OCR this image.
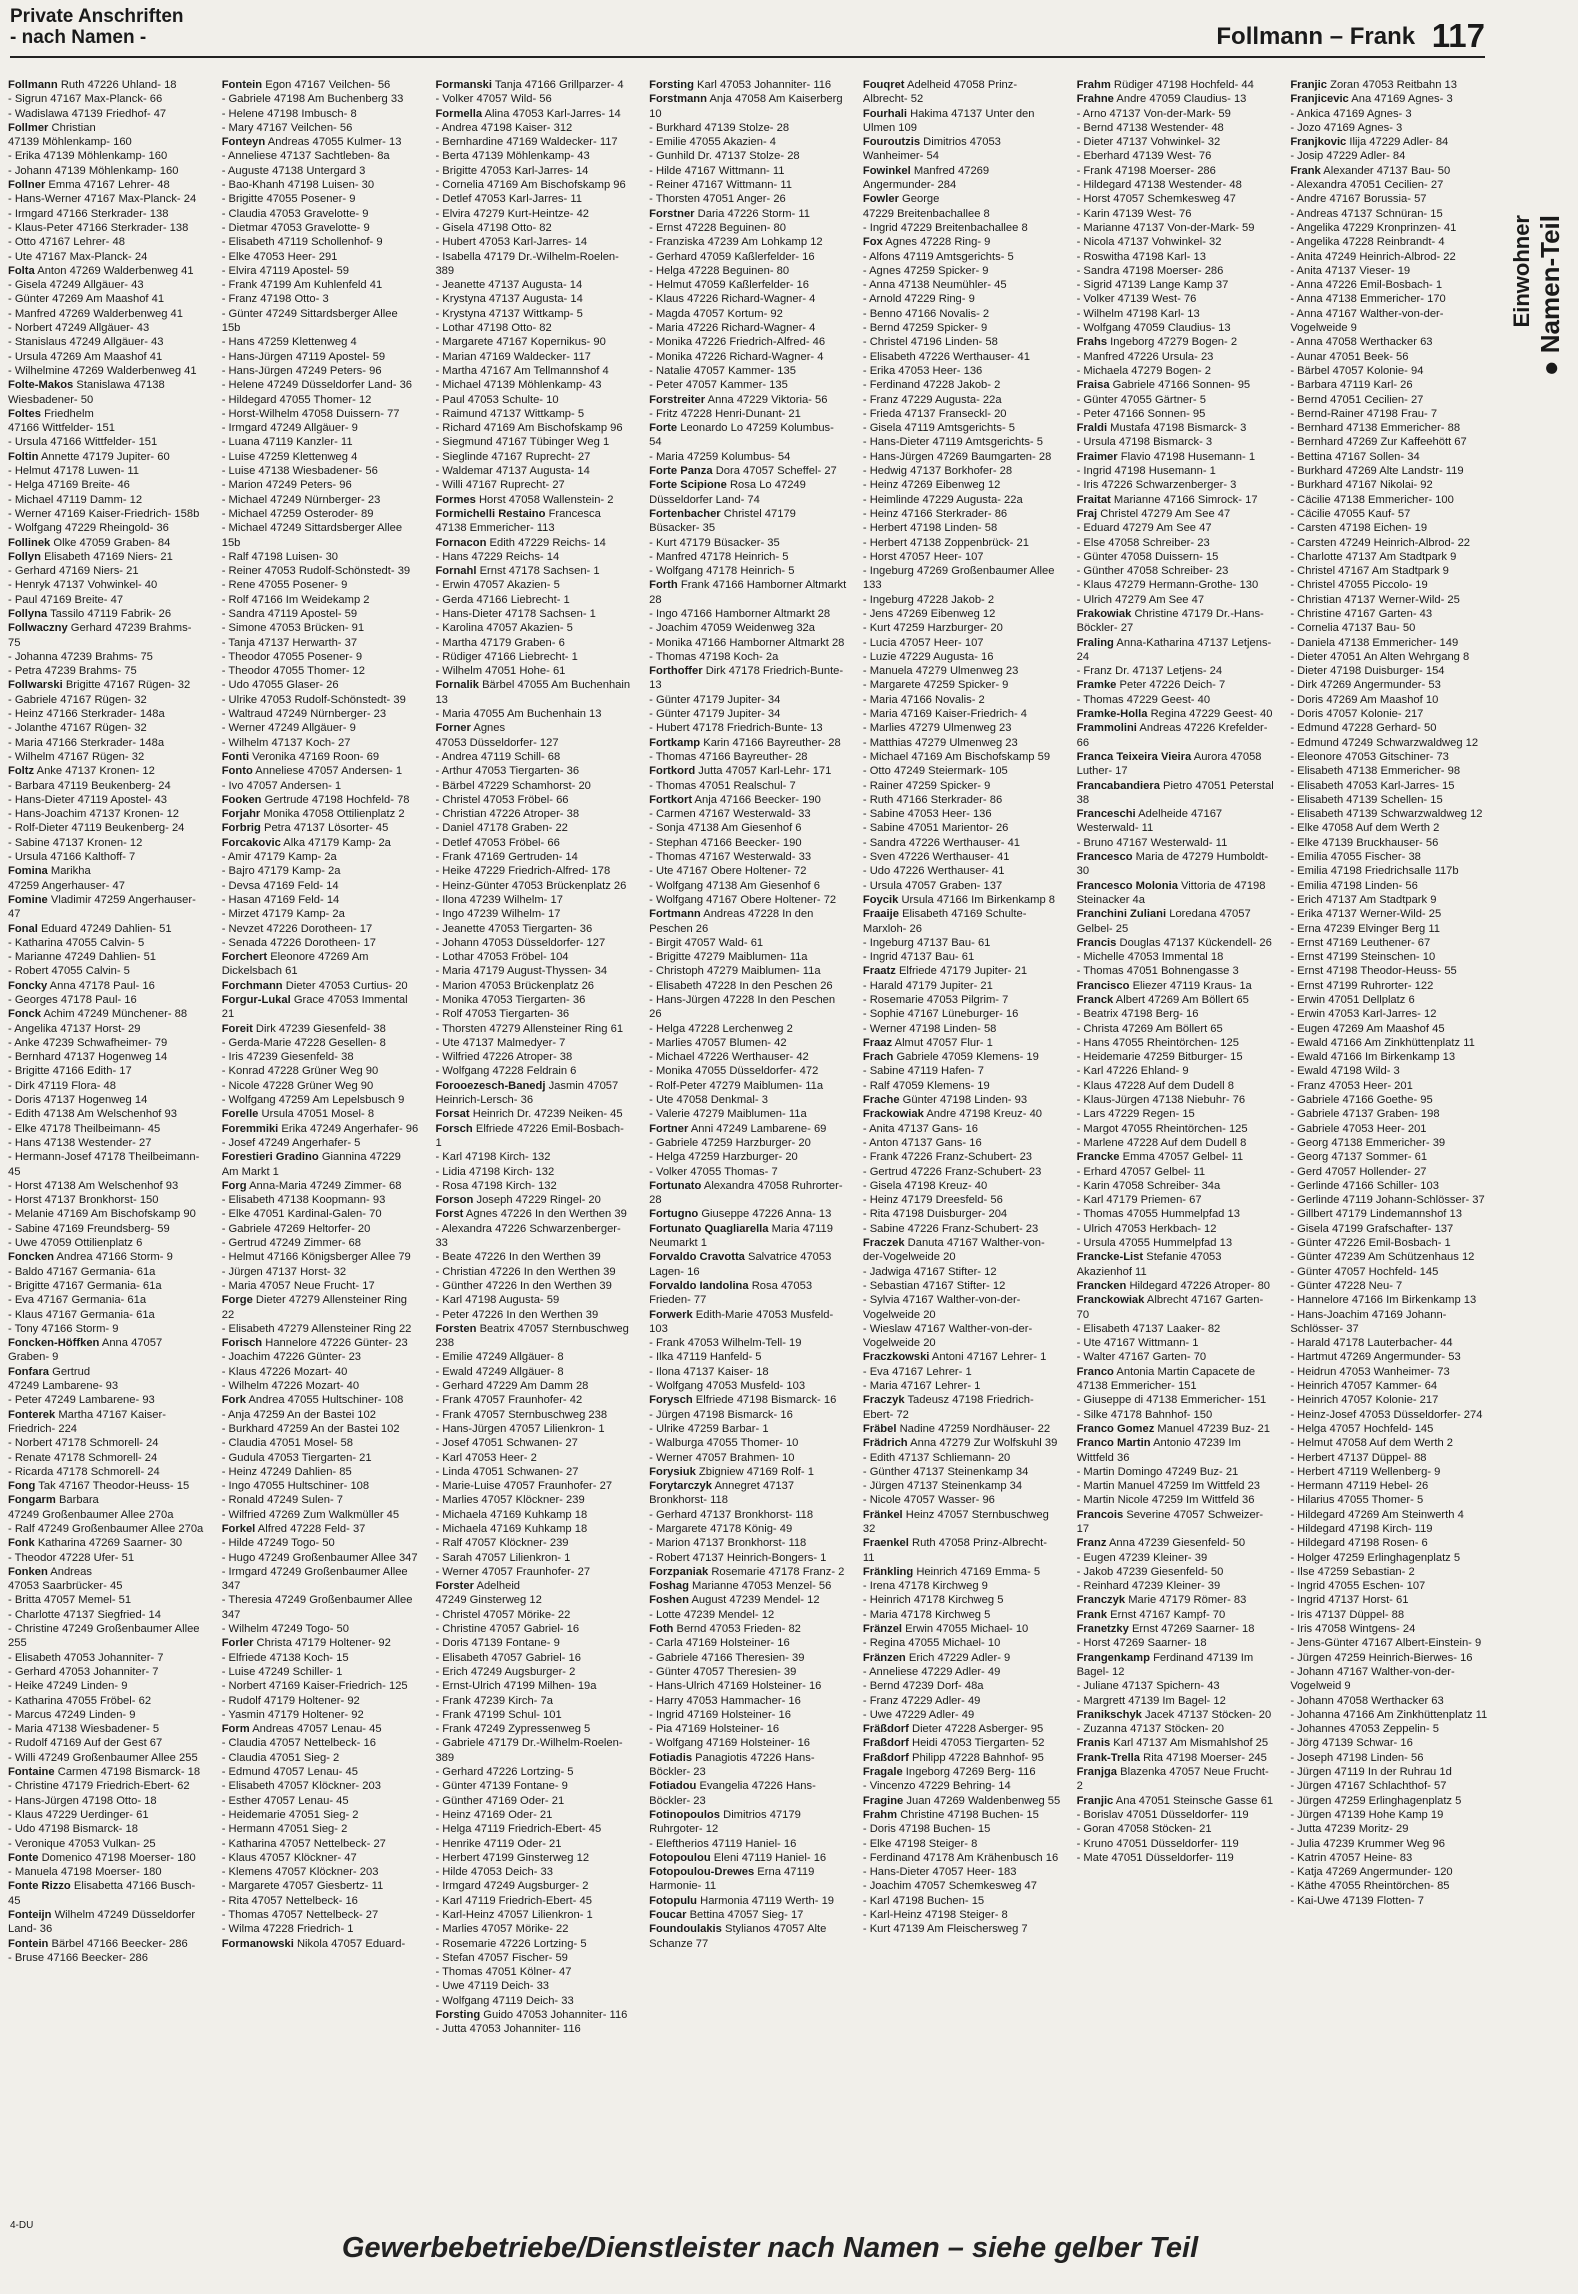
Private Anschriften
- nach Namen -	Follmann – Frank 117
Einwohner
● Namen-Teil
Follmann Ruth 47226 Uhland- 18
- Sigrun 47167 Max-Planck- 66
- Wadislawa 47139 Friedhof- 47
Follmer Christian
47139 Möhlenkamp- 160
- Erika 47139 Möhlenkamp- 160
- Johann 47139 Möhlenkamp- 160
Follner Emma 47167 Lehrer- 48
- Hans-Werner 47167 Max-Planck- 24
- Irmgard 47166 Sterkrader- 138
- Klaus-Peter 47166 Sterkrader- 138
- Otto 47167 Lehrer- 48
- Ute 47167 Max-Planck- 24
Folta Anton 47269 Walderbenweg 41
- Gisela 47249 Allgäuer- 43
- Günter 47269 Am Maashof 41
- Manfred 47269 Walderbenweg 41
- Norbert 47249 Allgäuer- 43
- Stanislaus 47249 Allgäuer- 43
- Ursula 47269 Am Maashof 41
- Wilhelmine 47269 Walderbenweg 41
Folte-Makos Stanislawa 47138 Wiesbadener- 50
Foltes Friedhelm
47166 Wittfelder- 151
- Ursula 47166 Wittfelder- 151
Foltin Annette 47179 Jupiter- 60
- Helmut 47178 Luwen- 11
- Helga 47169 Breite- 46
- Michael 47119 Damm- 12
- Werner 47169 Kaiser-Friedrich- 158b
- Wolfgang 47229 Rheingold- 36
Follinek Olke 47059 Graben- 84
Follyn Elisabeth 47169 Niers- 21
- Gerhard 47169 Niers- 21
- Henryk 47137 Vohwinkel- 40
- Paul 47169 Breite- 47
Follyna Tassilo 47119 Fabrik- 26
Follwaczny Gerhard 47239 Brahms- 75
- Johanna 47239 Brahms- 75
- Petra 47239 Brahms- 75
Follwarski Brigitte 47167 Rügen- 32
- Gabriele 47167 Rügen- 32
- Heinz 47166 Sterkrader- 148a
- Jolanthe 47167 Rügen- 32
- Maria 47166 Sterkrader- 148a
- Wilhelm 47167 Rügen- 32
Foltz Anke 47137 Kronen- 12
- Barbara 47119 Beukenberg- 24
- Hans-Dieter 47119 Apostel- 43
- Hans-Joachim 47137 Kronen- 12
- Rolf-Dieter 47119 Beukenberg- 24
- Sabine 47137 Kronen- 12
- Ursula 47166 Kalthoff- 7
Fomina Marikha
47259 Angerhauser- 47
Fomine Vladimir 47259 Angerhauser- 47
Fonal Eduard 47249 Dahlien- 51
- Katharina 47055 Calvin- 5
- Marianne 47249 Dahlien- 51
- Robert 47055 Calvin- 5
Foncky Anna 47178 Paul- 16
- Georges 47178 Paul- 16
Fonck Achim 47249 Münchener- 88
- Angelika 47137 Horst- 29
- Anke 47239 Schwafheimer- 79
- Bernhard 47137 Hogenweg 14
- Brigitte 47166 Edith- 17
- Dirk 47119 Flora- 48
- Doris 47137 Hogenweg 14
- Edith 47138 Am Welschenhof 93
- Elke 47178 Theilbeimann- 45
- Hans 47138 Westender- 27
- Hermann-Josef 47178 Theilbeimann- 45
- Horst 47138 Am Welschenhof 93
- Horst 47137 Bronkhorst- 150
- Melanie 47169 Am Bischofskamp 90
- Sabine 47169 Freundsberg- 59
- Uwe 47059 Ottilienplatz 6
Foncken Andrea 47166 Storm- 9
- Baldo 47167 Germania- 61a
- Brigitte 47167 Germania- 61a
- Eva 47167 Germania- 61a
- Klaus 47167 Germania- 61a
- Tony 47166 Storm- 9
Foncken-Höffken Anna 47057 Graben- 9
Fonfara Gertrud
47249 Lambarene- 93
- Peter 47249 Lambarene- 93
Fonterek Martha 47167 Kaiser-Friedrich- 224
- Norbert 47178 Schmorell- 24
- Renate 47178 Schmorell- 24
- Ricarda 47178 Schmorell- 24
Fong Tak 47167 Theodor-Heuss- 15
Fongarm Barbara
47249 Großenbaumer Allee 270a
- Ralf 47249 Großenbaumer Allee 270a
Fonk Katharina 47269 Saarner- 30
- Theodor 47228 Ufer- 51
Fonken Andreas
47053 Saarbrücker- 45
- Britta 47057 Memel- 51
- Charlotte 47137 Siegfried- 14
- Christine 47249 Großenbaumer Allee 255
- Elisabeth 47053 Johanniter- 7
- Gerhard 47053 Johanniter- 7
- Heike 47249 Linden- 9
- Katharina 47055 Fröbel- 62
- Marcus 47249 Linden- 9
- Maria 47138 Wiesbadener- 5
- Rudolf 47169 Auf der Gest 67
- Willi 47249 Großenbaumer Allee 255
Fontaine Carmen 47198 Bismarck- 18
- Christine 47179 Friedrich-Ebert- 62
- Hans-Jürgen 47198 Otto- 18
- Klaus 47229 Uerdinger- 61
- Udo 47198 Bismarck- 18
- Veronique 47053 Vulkan- 25
Fonte Domenico 47198 Moerser- 180
- Manuela 47198 Moerser- 180
Fonte Rizzo Elisabetta 47166 Busch- 45
Fonteijn Wilhelm 47249 Düsseldorfer Land- 36
Fontein Bärbel 47166 Beecker- 286
- Bruse 47166 Beecker- 286
Fontein Egon 47167 Veilchen- 56
- Gabriele 47198 Am Buchenberg 33
- Helene 47198 Imbusch- 8
- Mary 47167 Veilchen- 56
Fonteyn Andreas 47055 Kulmer- 13
- Anneliese 47137 Sachtleben- 8a
- Auguste 47138 Untergard 3
- Bao-Khanh 47198 Luisen- 30
- Brigitte 47055 Posener- 9
- Claudia 47053 Gravelotte- 9
- Dietmar 47053 Gravelotte- 9
- Elisabeth 47119 Schollenhof- 9
- Elke 47053 Heer- 291
- Elvira 47119 Apostel- 59
- Frank 47199 Am Kuhlenfeld 41
- Franz 47198 Otto- 3
- Günter 47249 Sittardsberger Allee 15b
- Hans 47259 Klettenweg 4
- Hans-Jürgen 47119 Apostel- 59
- Hans-Jürgen 47249 Peters- 96
- Helene 47249 Düsseldorfer Land- 36
- Hildegard 47055 Thomer- 12
- Horst-Wilhelm 47058 Duissern- 77
- Irmgard 47249 Allgäuer- 9
- Luana 47119 Kanzler- 11
- Luise 47259 Klettenweg 4
- Luise 47138 Wiesbadener- 56
- Marion 47249 Peters- 96
- Michael 47249 Nürnberger- 23
- Michael 47259 Osteroder- 89
- Michael 47249 Sittardsberger Allee 15b
- Ralf 47198 Luisen- 30
- Reiner 47053 Rudolf-Schönstedt- 39
- Rene 47055 Posener- 9
- Rolf 47166 Im Weidekamp 2
- Sandra 47119 Apostel- 59
- Simone 47053 Brücken- 91
- Tanja 47137 Herwarth- 37
- Theodor 47055 Posener- 9
- Theodor 47055 Thomer- 12
- Udo 47055 Glaser- 26
- Ulrike 47053 Rudolf-Schönstedt- 39
- Waltraud 47249 Nürnberger- 23
- Werner 47249 Allgäuer- 9
- Wilhelm 47137 Koch- 27
Fonti Veronika 47169 Roon- 69
Fonto Anneliese 47057 Andersen- 1
- Ivo 47057 Andersen- 1
Fooken Gertrude 47198 Hochfeld- 78
Forjahr Monika 47058 Ottilienplatz 2
Forbrig Petra 47137 Lösorter- 45
Forcakovic Alka 47179 Kamp- 2a
- Amir 47179 Kamp- 2a
- Bajro 47179 Kamp- 2a
- Devsa 47169 Feld- 14
- Hasan 47169 Feld- 14
- Mirzet 47179 Kamp- 2a
- Nevzet 47226 Dorotheen- 17
- Senada 47226 Dorotheen- 17
Forchert Eleonore 47269 Am Dickelsbach 61
Forchmann Dieter 47053 Curtius- 20
Forgur-Lukal Grace 47053 Immental 21
Foreit Dirk 47239 Giesenfeld- 38
- Gerda-Marie 47228 Gesellen- 8
- Iris 47239 Giesenfeld- 38
- Konrad 47228 Grüner Weg 90
- Nicole 47228 Grüner Weg 90
- Wolfgang 47259 Am Lepelsbusch 9
Forelle Ursula 47051 Mosel- 8
Foremmiki Erika 47249 Angerhafer- 96
- Josef 47249 Angerhafer- 5
Forestieri Gradino Giannina 47229 Am Markt 1
Forg Anna-Maria 47249 Zimmer- 68
- Elisabeth 47138 Koopmann- 93
- Elke 47051 Kardinal-Galen- 70
- Gabriele 47269 Heltorfer- 20
- Gertrud 47249 Zimmer- 68
- Helmut 47166 Königsberger Allee 79
- Jürgen 47137 Horst- 32
- Maria 47057 Neue Frucht- 17
Forge Dieter 47279 Allensteiner Ring 22
- Elisabeth 47279 Allensteiner Ring 22
Forisch Hannelore 47226 Günter- 23
- Joachim 47226 Günter- 23
- Klaus 47226 Mozart- 40
- Wilhelm 47226 Mozart- 40
Fork Andrea 47055 Hultschiner- 108
- Anja 47259 An der Bastei 102
- Burkhard 47259 An der Bastei 102
- Claudia 47051 Mosel- 58
- Gudula 47053 Tiergarten- 21
- Heinz 47249 Dahlien- 85
- Ingo 47055 Hultschiner- 108
- Ronald 47249 Sulen- 7
- Wilfried 47269 Zum Walkmüller 45
Forkel Alfred 47228 Feld- 37
- Hilde 47249 Togo- 50
- Hugo 47249 Großenbaumer Allee 347
- Irmgard 47249 Großenbaumer Allee 347
- Theresia 47249 Großenbaumer Allee 347
- Wilhelm 47249 Togo- 50
Forler Christa 47179 Holtener- 92
- Elfriede 47138 Koch- 15
- Luise 47249 Schiller- 1
- Norbert 47169 Kaiser-Friedrich- 125
- Rudolf 47179 Holtener- 92
- Yasmin 47179 Holtener- 92
Form Andreas 47057 Lenau- 45
- Claudia 47057 Nettelbeck- 16
- Claudia 47051 Sieg- 2
- Edmund 47057 Lenau- 45
- Elisabeth 47057 Klöckner- 203
- Esther 47057 Lenau- 45
- Heidemarie 47051 Sieg- 2
- Hermann 47051 Sieg- 2
- Katharina 47057 Nettelbeck- 27
- Klaus 47057 Klöckner- 47
- Klemens 47057 Klöckner- 203
- Margarete 47057 Giesbertz- 11
- Rita 47057 Nettelbeck- 16
- Thomas 47057 Nettelbeck- 27
- Wilma 47228 Friedrich- 1
Formanowski Nikola 47057 Eduard-
Formanski Tanja 47166 Grillparzer- 4
- Volker 47057 Wild- 56
Formella Alina 47053 Karl-Jarres- 14
- Andrea 47198 Kaiser- 312
- Bernhardine 47169 Waldecker- 117
- Berta 47139 Möhlenkamp- 43
- Brigitte 47053 Karl-Jarres- 14
- Cornelia 47169 Am Bischofskamp 96
- Detlef 47053 Karl-Jarres- 11
- Elvira 47279 Kurt-Heintze- 42
- Gisela 47198 Otto- 82
- Hubert 47053 Karl-Jarres- 14
- Isabella 47179 Dr.-Wilhelm-Roelen- 389
- Jeanette 47137 Augusta- 14
- Krystyna 47137 Augusta- 14
- Krystyna 47137 Wittkamp- 5
- Lothar 47198 Otto- 82
- Margarete 47167 Kopernikus- 90
- Marian 47169 Waldecker- 117
- Martha 47167 Am Tellmannshof 4
- Michael 47139 Möhlenkamp- 43
- Paul 47053 Schulte- 10
- Raimund 47137 Wittkamp- 5
- Richard 47169 Am Bischofskamp 96
- Siegmund 47167 Tübinger Weg 1
- Sieglinde 47167 Ruprecht- 27
- Waldemar 47137 Augusta- 14
- Willi 47167 Ruprecht- 27
Formes Horst 47058 Wallenstein- 2
Formichelli Restaino Francesca 47138 Emmericher- 113
Fornacon Edith 47229 Reichs- 14
- Hans 47229 Reichs- 14
Fornahl Ernst 47178 Sachsen- 1
- Erwin 47057 Akazien- 5
- Gerda 47166 Liebrecht- 1
- Hans-Dieter 47178 Sachsen- 1
- Karolina 47057 Akazien- 5
- Martha 47179 Graben- 6
- Rüdiger 47166 Liebrecht- 1
- Wilhelm 47051 Hohe- 61
Fornalik Bärbel 47055 Am Buchenhain 13
- Maria 47055 Am Buchenhain 13
Forner Agnes
47053 Düsseldorfer- 127
- Andrea 47119 Schill- 68
- Arthur 47053 Tiergarten- 36
- Bärbel 47229 Schamhorst- 20
- Christel 47053 Fröbel- 66
- Christian 47226 Atroper- 38
- Daniel 47178 Graben- 22
- Detlef 47053 Fröbel- 66
- Frank 47169 Gertruden- 14
- Heike 47229 Friedrich-Alfred- 178
- Heinz-Günter 47053 Brückenplatz 26
- Ilona 47239 Wilhelm- 17
- Ingo 47239 Wilhelm- 17
- Jeanette 47053 Tiergarten- 36
- Johann 47053 Düsseldorfer- 127
- Lothar 47053 Fröbel- 104
- Maria 47179 August-Thyssen- 34
- Marion 47053 Brückenplatz 26
- Monika 47053 Tiergarten- 36
- Rolf 47053 Tiergarten- 36
- Thorsten 47279 Allensteiner Ring 61
- Ute 47137 Malmedyer- 7
- Wilfried 47226 Atroper- 38
- Wolfgang 47228 Feldrain 6
Forooezesch-Banedj Jasmin 47057 Heinrich-Lersch- 36
Forsat Heinrich Dr. 47239 Neiken- 45
Forsch Elfriede 47226 Emil-Bosbach- 1
- Karl 47198 Kirch- 132
- Lidia 47198 Kirch- 132
- Rosa 47198 Kirch- 132
Forson Joseph 47229 Ringel- 20
Forst Agnes 47226 In den Werthen 39
- Alexandra 47226 Schwarzenberger- 33
- Beate 47226 In den Werthen 39
- Christian 47226 In den Werthen 39
- Günther 47226 In den Werthen 39
- Karl 47198 Augusta- 59
- Peter 47226 In den Werthen 39
Forsten Beatrix 47057 Sternbuschweg 238
- Emilie 47249 Allgäuer- 8
- Ewald 47249 Allgäuer- 8
- Gerhard 47229 Am Damm 28
- Frank 47057 Fraunhofer- 42
- Frank 47057 Sternbuschweg 238
- Hans-Jürgen 47057 Lilienkron- 1
- Josef 47051 Schwanen- 27
- Karl 47053 Heer- 2
- Linda 47051 Schwanen- 27
- Marie-Luise 47057 Fraunhofer- 27
- Marlies 47057 Klöckner- 239
- Michaela 47169 Kuhkamp 18
- Michaela 47169 Kuhkamp 18
- Ralf 47057 Klöckner- 239
- Sarah 47057 Lilienkron- 1
- Werner 47057 Fraunhofer- 27
Forster Adelheid
47249 Ginsterweg 12
- Christel 47057 Mörike- 22
- Christine 47057 Gabriel- 16
- Doris 47139 Fontane- 9
- Elisabeth 47057 Gabriel- 16
- Erich 47249 Augsburger- 2
- Ernst-Ulrich 47199 Milhen- 19a
- Frank 47239 Kirch- 7a
- Frank 47199 Schul- 101
- Frank 47249 Zypressenweg 5
- Gabriele 47179 Dr.-Wilhelm-Roelen- 389
- Gerhard 47226 Lortzing- 5
- Günter 47139 Fontane- 9
- Günther 47169 Oder- 21
- Heinz 47169 Oder- 21
- Helga 47119 Friedrich-Ebert- 45
- Henrike 47119 Oder- 21
- Herbert 47199 Ginsterweg 12
- Hilde 47053 Deich- 33
- Irmgard 47249 Augsburger- 2
- Karl 47119 Friedrich-Ebert- 45
- Karl-Heinz 47057 Lilienkron- 1
- Marlies 47057 Mörike- 22
- Rosemarie 47226 Lortzing- 5
- Stefan 47057 Fischer- 59
- Thomas 47051 Kölner- 47
- Uwe 47119 Deich- 33
- Wolfgang 47119 Deich- 33
Forsting Guido 47053 Johanniter- 116
- Jutta 47053 Johanniter- 116
Forsting Karl 47053 Johanniter- 116
Forstmann Anja 47058 Am Kaiserberg 10
- Burkhard 47139 Stolze- 28
- Emilie 47055 Akazien- 4
- Gunhild Dr. 47137 Stolze- 28
- Hilde 47167 Wittmann- 11
- Reiner 47167 Wittmann- 11
- Thorsten 47051 Anger- 26
Forstner Daria 47226 Storm- 11
- Ernst 47228 Beguinen- 80
- Franziska 47239 Am Lohkamp 12
- Gerhard 47059 Kaßlerfelder- 16
- Helga 47228 Beguinen- 80
- Helmut 47059 Kaßlerfelder- 16
- Klaus 47226 Richard-Wagner- 4
- Magda 47057 Kortum- 92
- Maria 47226 Richard-Wagner- 4
- Monika 47226 Friedrich-Alfred- 46
- Monika 47226 Richard-Wagner- 4
- Natalie 47057 Kammer- 135
- Peter 47057 Kammer- 135
Forstreiter Anna 47229 Viktoria- 56
- Fritz 47228 Henri-Dunant- 21
Forte Leonardo Lo 47259 Kolumbus- 54
- Maria 47259 Kolumbus- 54
Forte Panza Dora 47057 Scheffel- 27
Forte Scipione Rosa Lo 47249 Düsseldorfer Land- 74
Fortenbacher Christel 47179 Büsacker- 35
- Kurt 47179 Büsacker- 35
- Manfred 47178 Heinrich- 5
- Wolfgang 47178 Heinrich- 5
Forth Frank 47166 Hamborner Altmarkt 28
- Ingo 47166 Hamborner Altmarkt 28
- Joachim 47059 Weidenweg 32a
- Monika 47166 Hamborner Altmarkt 28
- Thomas 47198 Koch- 2a
Forthoffer Dirk 47178 Friedrich-Bunte- 13
- Günter 47179 Jupiter- 34
- Günter 47179 Jupiter- 34
- Hubert 47178 Friedrich-Bunte- 13
Fortkamp Karin 47166 Bayreuther- 28
- Thomas 47166 Bayreuther- 28
Fortkord Jutta 47057 Karl-Lehr- 171
- Thomas 47051 Realschul- 7
Fortkort Anja 47166 Beecker- 190
- Carmen 47167 Westerwald- 33
- Sonja 47138 Am Giesenhof 6
- Stephan 47166 Beecker- 190
- Thomas 47167 Westerwald- 33
- Ute 47167 Obere Holtener- 72
- Wolfgang 47138 Am Giesenhof 6
- Wolfgang 47167 Obere Holtener- 72
Fortmann Andreas 47228 In den Peschen 26
- Birgit 47057 Wald- 61
- Brigitte 47279 Maiblumen- 11a
- Christoph 47279 Maiblumen- 11a
- Elisabeth 47228 In den Peschen 26
- Hans-Jürgen 47228 In den Peschen 26
- Helga 47228 Lerchenweg 2
- Marlies 47057 Blumen- 42
- Michael 47226 Werthauser- 42
- Monika 47055 Düsseldorfer- 472
- Rolf-Peter 47279 Maiblumen- 11a
- Ute 47058 Denkmal- 3
- Valerie 47279 Maiblumen- 11a
Fortner Anni 47249 Lambarene- 69
- Gabriele 47259 Harzburger- 20
- Helga 47259 Harzburger- 20
- Volker 47055 Thomas- 7
Fortunato Alexandra 47058 Ruhrorter- 28
Fortugno Giuseppe 47226 Anna- 13
Fortunato Quagliarella Maria 47119 Neumarkt 1
Forvaldo Cravotta Salvatrice 47053 Lagen- 16
Forvaldo Iandolina Rosa 47053 Frieden- 77
Forwerk Edith-Marie 47053 Musfeld- 103
- Frank 47053 Wilhelm-Tell- 19
- Ilka 47119 Hanfeld- 5
- Ilona 47137 Kaiser- 18
- Wolfgang 47053 Musfeld- 103
Forysch Elfriede 47198 Bismarck- 16
- Jürgen 47198 Bismarck- 16
- Ulrike 47259 Barbar- 1
- Walburga 47055 Thomer- 10
- Werner 47057 Brahmen- 10
Forysiuk Zbigniew 47169 Rolf- 1
Forytarczyk Annegret 47137 Bronkhorst- 118
- Gerhard 47137 Bronkhorst- 118
- Margarete 47178 König- 49
- Marion 47137 Bronkhorst- 118
- Robert 47137 Heinrich-Bongers- 1
Forzpaniak Rosemarie 47178 Franz- 2
Foshag Marianne 47053 Menzel- 56
Foshen August 47239 Mendel- 12
- Lotte 47239 Mendel- 12
Foth Bernd 47053 Frieden- 82
- Carla 47169 Holsteiner- 16
- Gabriele 47166 Theresien- 39
- Günter 47057 Theresien- 39
- Hans-Ulrich 47169 Holsteiner- 16
- Harry 47053 Hammacher- 16
- Ingrid 47169 Holsteiner- 16
- Pia 47169 Holsteiner- 16
- Wolfgang 47169 Holsteiner- 16
Fotiadis Panagiotis 47226 Hans-Böckler- 23
Fotiadou Evangelia 47226 Hans-Böckler- 23
Fotinopoulos Dimitrios 47179 Ruhrgoter- 12
- Eleftherios 47119 Haniel- 16
Fotopoulou Eleni 47119 Haniel- 16
Fotopoulou-Drewes Erna 47119 Harmonie- 11
Fotopulu Harmonia 47119 Werth- 19
Foucar Bettina 47057 Sieg- 17
Foundoulakis Stylianos 47057 Alte Schanze 77
Fouqret Adelheid 47058 Prinz-Albrecht- 52
Fourhali Hakima 47137 Unter den Ulmen 109
Fouroutzis Dimitrios 47053 Wanheimer- 54
Fowinkel Manfred 47269 Angermunder- 284
Fowler George
47229 Breitenbachallee 8
- Ingrid 47229 Breitenbachallee 8
Fox Agnes 47228 Ring- 9
- Alfons 47119 Amtsgerichts- 5
- Agnes 47259 Spicker- 9
- Anna 47138 Neumühler- 45
- Arnold 47229 Ring- 9
- Benno 47166 Novalis- 2
- Bernd 47259 Spicker- 9
- Christel 47196 Linden- 58
- Elisabeth 47226 Werthauser- 41
- Erika 47053 Heer- 136
- Ferdinand 47228 Jakob- 2
- Franz 47229 Augusta- 22a
- Frieda 47137 Franseckl- 20
- Gisela 47119 Amtsgerichts- 5
- Hans-Dieter 47119 Amtsgerichts- 5
- Hans-Jürgen 47269 Baumgarten- 28
- Hedwig 47137 Borkhofer- 28
- Heinz 47269 Eibenweg 12
- Heimlinde 47229 Augusta- 22a
- Heinz 47166 Sterkrader- 86
- Herbert 47198 Linden- 58
- Herbert 47138 Zoppenbrück- 21
- Horst 47057 Heer- 107
- Ingeburg 47269 Großenbaumer Allee 133
- Ingeburg 47228 Jakob- 2
- Jens 47269 Eibenweg 12
- Kurt 47259 Harzburger- 20
- Lucia 47057 Heer- 107
- Luzie 47229 Augusta- 16
- Manuela 47279 Ulmenweg 23
- Margarete 47259 Spicker- 9
- Maria 47166 Novalis- 2
- Maria 47169 Kaiser-Friedrich- 4
- Marlies 47279 Ulmenweg 23
- Matthias 47279 Ulmenweg 23
- Michael 47169 Am Bischofskamp 59
- Otto 47249 Steiermark- 105
- Rainer 47259 Spicker- 9
- Ruth 47166 Sterkrader- 86
- Sabine 47053 Heer- 136
- Sabine 47051 Marientor- 26
- Sandra 47226 Werthauser- 41
- Sven 47226 Werthauser- 41
- Udo 47226 Werthauser- 41
- Ursula 47057 Graben- 137
Foycik Ursula 47166 Im Birkenkamp 8
Fraaije Elisabeth 47169 Schulte-Marxloh- 26
- Ingeburg 47137 Bau- 61
- Ingrid 47137 Bau- 61
Fraatz Elfriede 47179 Jupiter- 21
- Harald 47179 Jupiter- 21
- Rosemarie 47053 Pilgrim- 7
- Sophie 47167 Lüneburger- 16
- Werner 47198 Linden- 58
Fraaz Almut 47057 Flur- 1
Frach Gabriele 47059 Klemens- 19
- Sabine 47119 Hafen- 7
- Ralf 47059 Klemens- 19
Frache Günter 47198 Linden- 93
Frackowiak Andre 47198 Kreuz- 40
- Anita 47137 Gans- 16
- Anton 47137 Gans- 16
- Frank 47226 Franz-Schubert- 23
- Gertrud 47226 Franz-Schubert- 23
- Gisela 47198 Kreuz- 40
- Heinz 47179 Dreesfeld- 56
- Rita 47198 Duisburger- 204
- Sabine 47226 Franz-Schubert- 23
Fraczek Danuta 47167 Walther-von-der-Vogelweide 20
- Jadwiga 47167 Stifter- 12
- Sebastian 47167 Stifter- 12
- Sylvia 47167 Walther-von-der-Vogelweide 20
- Wieslaw 47167 Walther-von-der-Vogelweide 20
Fraczkowski Antoni 47167 Lehrer- 1
- Eva 47167 Lehrer- 1
- Maria 47167 Lehrer- 1
Fraczyk Tadeusz 47198 Friedrich-Ebert- 72
Fräbel Nadine 47259 Nordhäuser- 22
Frädrich Anna 47279 Zur Wolfskuhl 39
- Edith 47137 Schliemann- 20
- Günther 47137 Steinenkamp 34
- Jürgen 47137 Steinenkamp 34
- Nicole 47057 Wasser- 96
Fränkel Heinz 47057 Sternbuschweg 32
Fraenkel Ruth 47058 Prinz-Albrecht- 11
Fränkling Heinrich 47169 Emma- 5
- Irena 47178 Kirchweg 9
- Heinrich 47178 Kirchweg 5
- Maria 47178 Kirchweg 5
Fränzel Erwin 47055 Michael- 10
- Regina 47055 Michael- 10
Fränzen Erich 47229 Adler- 9
- Anneliese 47229 Adler- 49
- Bernd 47239 Dorf- 48a
- Franz 47229 Adler- 49
- Uwe 47229 Adler- 49
Fräßdorf Dieter 47228 Asberger- 95
Fraßdorf Heidi 47053 Tiergarten- 52
Fraßdorf Philipp 47228 Bahnhof- 95
Fragale Ingeborg 47269 Berg- 116
- Vincenzo 47229 Behring- 14
Fragine Juan 47269 Waldenbenweg 55
Frahm Christine 47198 Buchen- 15
- Doris 47198 Buchen- 15
- Elke 47198 Steiger- 8
- Ferdinand 47178 Am Krähenbusch 16
- Hans-Dieter 47057 Heer- 183
- Joachim 47057 Schemkesweg 47
- Karl 47198 Buchen- 15
- Karl-Heinz 47198 Steiger- 8
- Kurt 47139 Am Fleischersweg 7
Frahm Rüdiger 47198 Hochfeld- 44
Frahne Andre 47059 Claudius- 13
- Arno 47137 Von-der-Mark- 59
- Bernd 47138 Westender- 48
- Dieter 47137 Vohwinkel- 32
- Eberhard 47139 West- 76
- Frank 47198 Moerser- 286
- Hildegard 47138 Westender- 48
- Horst 47057 Schemkesweg 47
- Karin 47139 West- 76
- Marianne 47137 Von-der-Mark- 59
- Nicola 47137 Vohwinkel- 32
- Roswitha 47198 Karl- 13
- Sandra 47198 Moerser- 286
- Sigrid 47139 Lange Kamp 37
- Volker 47139 West- 76
- Wilhelm 47198 Karl- 13
- Wolfgang 47059 Claudius- 13
Frahs Ingeborg 47279 Bogen- 2
- Manfred 47226 Ursula- 23
- Michaela 47279 Bogen- 2
Fraisa Gabriele 47166 Sonnen- 95
- Günter 47055 Gärtner- 5
- Peter 47166 Sonnen- 95
Fraldi Mustafa 47198 Bismarck- 3
- Ursula 47198 Bismarck- 3
Fraimer Flavio 47198 Husemann- 1
- Ingrid 47198 Husemann- 1
- Iris 47226 Schwarzenberger- 3
Fraitat Marianne 47166 Simrock- 17
Fraj Christel 47279 Am See 47
- Eduard 47279 Am See 47
- Else 47058 Schreiber- 23
- Günter 47058 Duissern- 15
- Günther 47058 Schreiber- 23
- Klaus 47279 Hermann-Grothe- 130
- Ulrich 47279 Am See 47
Frakowiak Christine 47179 Dr.-Hans-Böckler- 27
Fraling Anna-Katharina 47137 Letjens- 24
- Franz Dr. 47137 Letjens- 24
Framke Peter 47226 Deich- 7
- Thomas 47229 Geest- 40
Framke-Holla Regina 47229 Geest- 40
Frammolini Andreas 47226 Krefelder- 66
Franca Teixeira Vieira Aurora 47058 Luther- 17
Francabandiera Pietro 47051 Peterstal 38
Franceschi Adelheide 47167 Westerwald- 11
- Bruno 47167 Westerwald- 11
Francesco Maria de 47279 Humboldt- 30
Francesco Molonia Vittoria de 47198 Steinacker 4a
Franchini Zuliani Loredana 47057 Gelbel- 25
Francis Douglas 47137 Kückendell- 26
- Michelle 47053 Immental 18
- Thomas 47051 Bohnengasse 3
Francisco Eliezer 47119 Kraus- 1a
Franck Albert 47269 Am Böllert 65
- Beatrix 47198 Berg- 16
- Christa 47269 Am Böllert 65
- Hans 47055 Rheintörchen- 125
- Heidemarie 47259 Bitburger- 15
- Karl 47226 Ehland- 9
- Klaus 47228 Auf dem Dudell 8
- Klaus-Jürgen 47138 Niebuhr- 76
- Lars 47229 Regen- 15
- Margot 47055 Rheintörchen- 125
- Marlene 47228 Auf dem Dudell 8
Francke Emma 47057 Gelbel- 11
- Erhard 47057 Gelbel- 11
- Karin 47058 Schreiber- 34a
- Karl 47179 Priemen- 67
- Thomas 47055 Hummelpfad 13
- Ulrich 47053 Herkbach- 12
- Ursula 47055 Hummelpfad 13
Francke-List Stefanie 47053 Akazienhof 11
Francken Hildegard 47226 Atroper- 80
Franckowiak Albrecht 47167 Garten- 70
- Elisabeth 47137 Laaker- 82
- Ute 47167 Wittmann- 1
- Walter 47167 Garten- 70
Franco Antonia Martin Capacete de 47138 Emmericher- 151
- Giuseppe di 47138 Emmericher- 151
- Silke 47178 Bahnhof- 150
Franco Gomez Manuel 47239 Buz- 21
Franco Martin Antonio 47239 Im Wittfeld 36
- Martin Domingo 47249 Buz- 21
- Martin Manuel 47259 Im Wittfeld 23
- Martin Nicole 47259 Im Wittfeld 36
Francois Severine 47057 Schweizer- 17
Franz Anna 47239 Giesenfeld- 50
- Eugen 47239 Kleiner- 39
- Jakob 47239 Giesenfeld- 50
- Reinhard 47239 Kleiner- 39
Franczyk Marie 47179 Römer- 83
Frank Ernst 47167 Kampf- 70
Franetzky Ernst 47269 Saarner- 18
- Horst 47269 Saarner- 18
Frangenkamp Ferdinand 47139 Im Bagel- 12
- Juliane 47137 Spichern- 43
- Margrett 47139 Im Bagel- 12
Franikschyk Jacek 47137 Stöcken- 20
- Zuzanna 47137 Stöcken- 20
Franis Karl 47137 Am Mismahlshof 25
Frank-Trella Rita 47198 Moerser- 245
Franjga Blazenka 47057 Neue Frucht- 2
Franjic Ana 47051 Steinsche Gasse 61
- Borislav 47051 Düsseldorfer- 119
- Goran 47058 Stöcken- 21
- Kruno 47051 Düsseldorfer- 119
- Mate 47051 Düsseldorfer- 119
Franjic Zoran 47053 Reitbahn 13
Franjicevic Ana 47169 Agnes- 3
- Ankica 47169 Agnes- 3
- Jozo 47169 Agnes- 3
Franjkovic Ilija 47229 Adler- 84
- Josip 47229 Adler- 84
Frank Alexander 47137 Bau- 50
- Alexandra 47051 Cecilien- 27
- Andre 47167 Borussia- 57
- Andreas 47137 Schnüran- 15
- Angelika 47229 Kronprinzen- 41
- Angelika 47228 Reinbrandt- 4
- Anita 47249 Heinrich-Albrod- 22
- Anita 47137 Vieser- 19
- Anna 47226 Emil-Bosbach- 1
- Anna 47138 Emmericher- 170
- Anna 47167 Walther-von-der-Vogelweide 9
- Anna 47058 Werthacker 63
- Aunar 47051 Beek- 56
- Bärbel 47057 Kolonie- 94
- Barbara 47119 Karl- 26
- Bernd 47051 Cecilien- 27
- Bernd-Rainer 47198 Frau- 7
- Bernhard 47138 Emmericher- 88
- Bernhard 47269 Zur Kaffeehött 67
- Bettina 47167 Sollen- 34
- Burkhard 47269 Alte Landstr- 119
- Burkhard 47167 Nikolai- 92
- Cäcilie 47138 Emmericher- 100
- Cäcilie 47055 Kauf- 57
- Carsten 47198 Eichen- 19
- Carsten 47249 Heinrich-Albrod- 22
- Charlotte 47137 Am Stadtpark 9
- Christel 47167 Am Stadtpark 9
- Christel 47055 Piccolo- 19
- Christian 47137 Werner-Wild- 25
- Christine 47167 Garten- 43
- Cornelia 47137 Bau- 50
- Daniela 47138 Emmericher- 149
- Dieter 47051 An Alten Wehrgang 8
- Dieter 47198 Duisburger- 154
- Dirk 47269 Angermunder- 53
- Doris 47269 Am Maashof 10
- Doris 47057 Kolonie- 217
- Edmund 47228 Gerhard- 50
- Edmund 47249 Schwarzwaldweg 12
- Eleonore 47053 Gitschiner- 73
- Elisabeth 47138 Emmericher- 98
- Elisabeth 47053 Karl-Jarres- 15
- Elisabeth 47139 Schellen- 15
- Elisabeth 47139 Schwarzwaldweg 12
- Elke 47058 Auf dem Werth 2
- Elke 47139 Bruckhauser- 56
- Emilia 47055 Fischer- 38
- Emilia 47198 Friedrichsalle 117b
- Emilia 47198 Linden- 56
- Erich 47137 Am Stadtpark 9
- Erika 47137 Werner-Wild- 25
- Erna 47239 Elvinger Berg 11
- Ernst 47169 Leuthener- 67
- Ernst 47199 Steinschen- 10
- Ernst 47198 Theodor-Heuss- 55
- Ernst 47199 Ruhrorter- 122
- Erwin 47051 Dellplatz 6
- Erwin 47053 Karl-Jarres- 12
- Eugen 47269 Am Maashof 45
- Ewald 47166 Am Zinkhüttenplatz 11
- Ewald 47166 Im Birkenkamp 13
- Ewald 47198 Wild- 3
- Franz 47053 Heer- 201
- Gabriele 47166 Goethe- 95
- Gabriele 47137 Graben- 198
- Gabriele 47053 Heer- 201
- Georg 47138 Emmericher- 39
- Georg 47137 Sommer- 61
- Gerd 47057 Hollender- 27
- Gerlinde 47166 Schiller- 103
- Gerlinde 47119 Johann-Schlösser- 37
- Gillbert 47179 Lindemannshof 13
- Gisela 47199 Grafschafter- 137
- Günter 47226 Emil-Bosbach- 1
- Günter 47239 Am Schützenhaus 12
- Günter 47057 Hochfeld- 145
- Günter 47228 Neu- 7
- Hannelore 47166 Im Birkenkamp 13
- Hans-Joachim 47169 Johann-Schlösser- 37
- Harald 47178 Lauterbacher- 44
- Hartmut 47269 Angermunder- 53
- Heidrun 47053 Wanheimer- 73
- Heinrich 47057 Kammer- 64
- Heinrich 47057 Kolonie- 217
- Heinz-Josef 47053 Düsseldorfer- 274
- Helga 47057 Hochfeld- 145
- Helmut 47058 Auf dem Werth 2
- Herbert 47137 Düppel- 88
- Herbert 47119 Wellenberg- 9
- Hermann 47119 Hebel- 26
- Hilarius 47055 Thomer- 5
- Hildegard 47269 Am Steinwerth 4
- Hildegard 47198 Kirch- 119
- Hildegard 47198 Rosen- 6
- Holger 47259 Erlinghagenplatz 5
- Ilse 47259 Sebastian- 2
- Ingrid 47055 Eschen- 107
- Ingrid 47137 Horst- 61
- Iris 47137 Düppel- 88
- Iris 47058 Wintgens- 24
- Jens-Günter 47167 Albert-Einstein- 9
- Jürgen 47259 Heinrich-Bierwes- 16
- Johann 47167 Walther-von-der-Vogelweid 9
- Johann 47058 Werthacker 63
- Johanna 47166 Am Zinkhüttenplatz 11
- Johannes 47053 Zeppelin- 5
- Jörg 47139 Schwar- 16
- Joseph 47198 Linden- 56
- Jürgen 47119 In der Ruhrau 1d
- Jürgen 47167 Schlachthof- 57
- Jürgen 47259 Erlinghagenplatz 5
- Jürgen 47139 Hohe Kamp 19
- Jutta 47239 Moritz- 29
- Julia 47239 Krummer Weg 96
- Katrin 47057 Heine- 83
- Katja 47269 Angermunder- 120
- Käthe 47055 Rheintörchen- 85
- Kai-Uwe 47139 Flotten- 7
4-DU
Gewerbebetriebe/Dienstleister nach Namen – siehe gelber Teil
